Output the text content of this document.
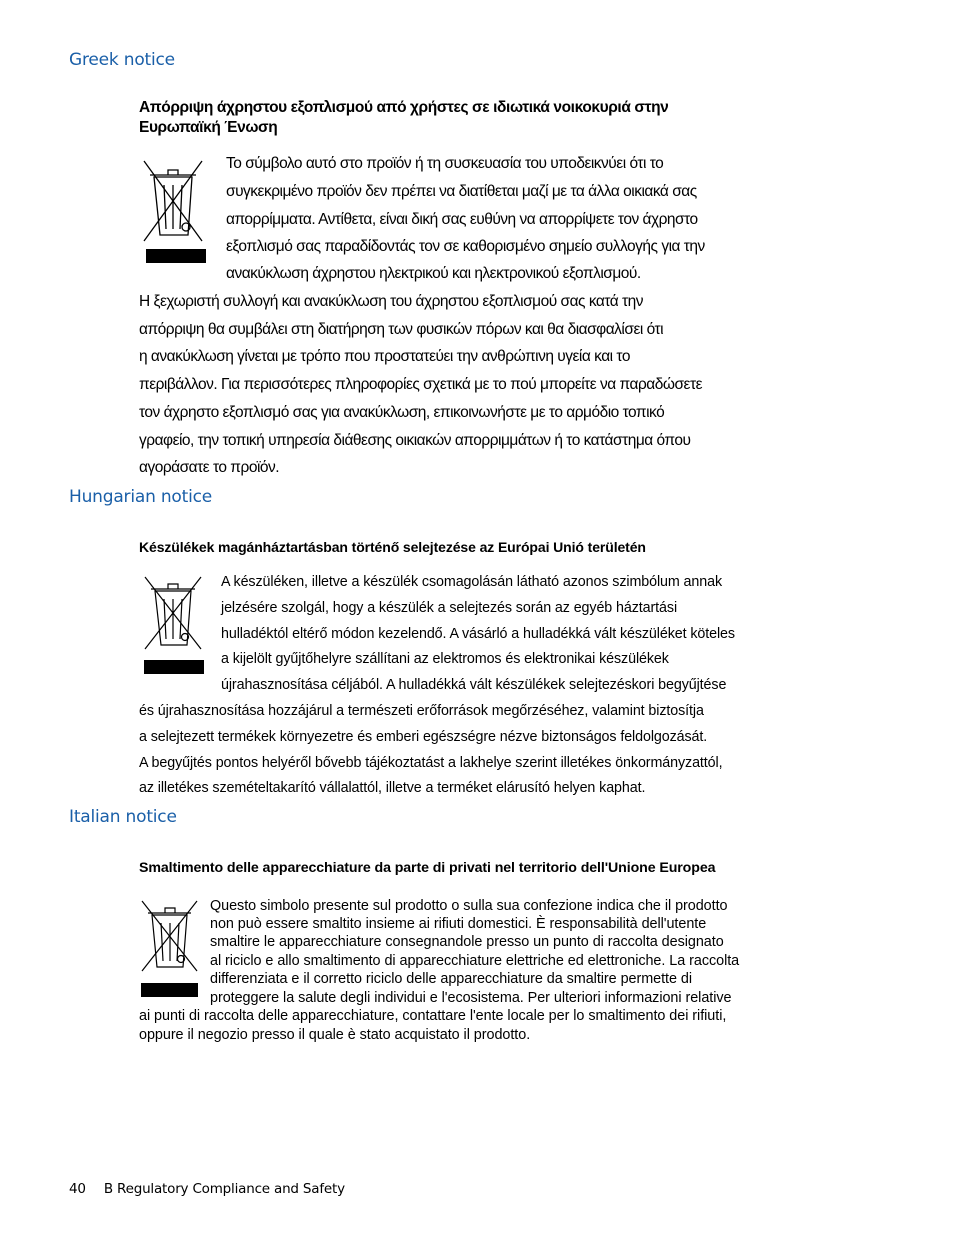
Greek notice
Απόρριψη άχρηστου εξοπλισμού από χρήστες σε ιδιωτικά νοικοκυριά στην
Ευρωπαϊκή Ένωση
Το σύμβολο αυτό στο προϊόν ή τη συσκευασία του υποδεικνύει ότι το
συγκεκριμένο προϊόν δεν πρέπει να διατίθεται μαζί με τα άλλα οικιακά σας
απορρίμματα. Αντίθετα, είναι δική σας ευθύνη να απορρίψετε τον άχρηστο
εξοπλισμό σας παραδίδοντάς τον σε καθορισμένο σημείο συλλογής για την
ανακύκλωση άχρηστου ηλεκτρικού και ηλεκτρονικού εξοπλισμού.
Η ξεχωριστή συλλογή και ανακύκλωση του άχρηστου εξοπλισμού σας κατά την
απόρριψη θα συμβάλει στη διατήρηση των φυσικών πόρων και θα διασφαλίσει ότι
η ανακύκλωση γίνεται με τρόπο που προστατεύει την ανθρώπινη υγεία και το
περιβάλλον. Για περισσότερες πληροφορίες σχετικά με το πού μπορείτε να παραδώσετε
τον άχρηστο εξοπλισμό σας για ανακύκλωση, επικοινωνήστε με το αρμόδιο τοπικό
γραφείο, την τοπική υπηρεσία διάθεσης οικιακών απορριμμάτων ή το κατάστημα όπου
αγοράσατε το προϊόν.
Hungarian notice
Készülékek magánháztartásban történő selejtezése az Európai Unió területén
A készüléken, illetve a készülék csomagolásán látható azonos szimbólum annak
jelzésére szolgál, hogy a készülék a selejtezés során az egyéb háztartási
hulladéktól eltérő módon kezelendő. A vásárló a hulladékká vált készüléket köteles
a kijelölt gyűjtőhelyre szállítani az elektromos és elektronikai készülékek
újrahasznosítása céljából. A hulladékká vált készülékek selejtezéskori begyűjtése
és újrahasznosítása hozzájárul a természeti erőforrások megőrzéséhez, valamint biztosítja
a selejtezett termékek környezetre és emberi egészségre nézve biztonságos feldolgozását.
A begyűjtés pontos helyéről bővebb tájékoztatást a lakhelye szerint illetékes önkormányzattól,
az illetékes szemételtakarító vállalattól, illetve a terméket elárusító helyen kaphat.
Italian notice
Smaltimento delle apparecchiature da parte di privati nel territorio dell'Unione Europea
Questo simbolo presente sul prodotto o sulla sua confezione indica che il prodotto
non può essere smaltito insieme ai rifiuti domestici. È responsabilità dell'utente
smaltire le apparecchiature consegnandole presso un punto di raccolta designato
al riciclo e allo smaltimento di apparecchiature elettriche ed elettroniche. La raccolta
differenziata e il corretto riciclo delle apparecchiature da smaltire permette di
proteggere la salute degli individui e l'ecosistema. Per ulteriori informazioni relative
ai punti di raccolta delle apparecchiature, contattare l'ente locale per lo smaltimento dei rifiuti,
oppure il negozio presso il quale è stato acquistato il prodotto.
40 B Regulatory Compliance and Safety
